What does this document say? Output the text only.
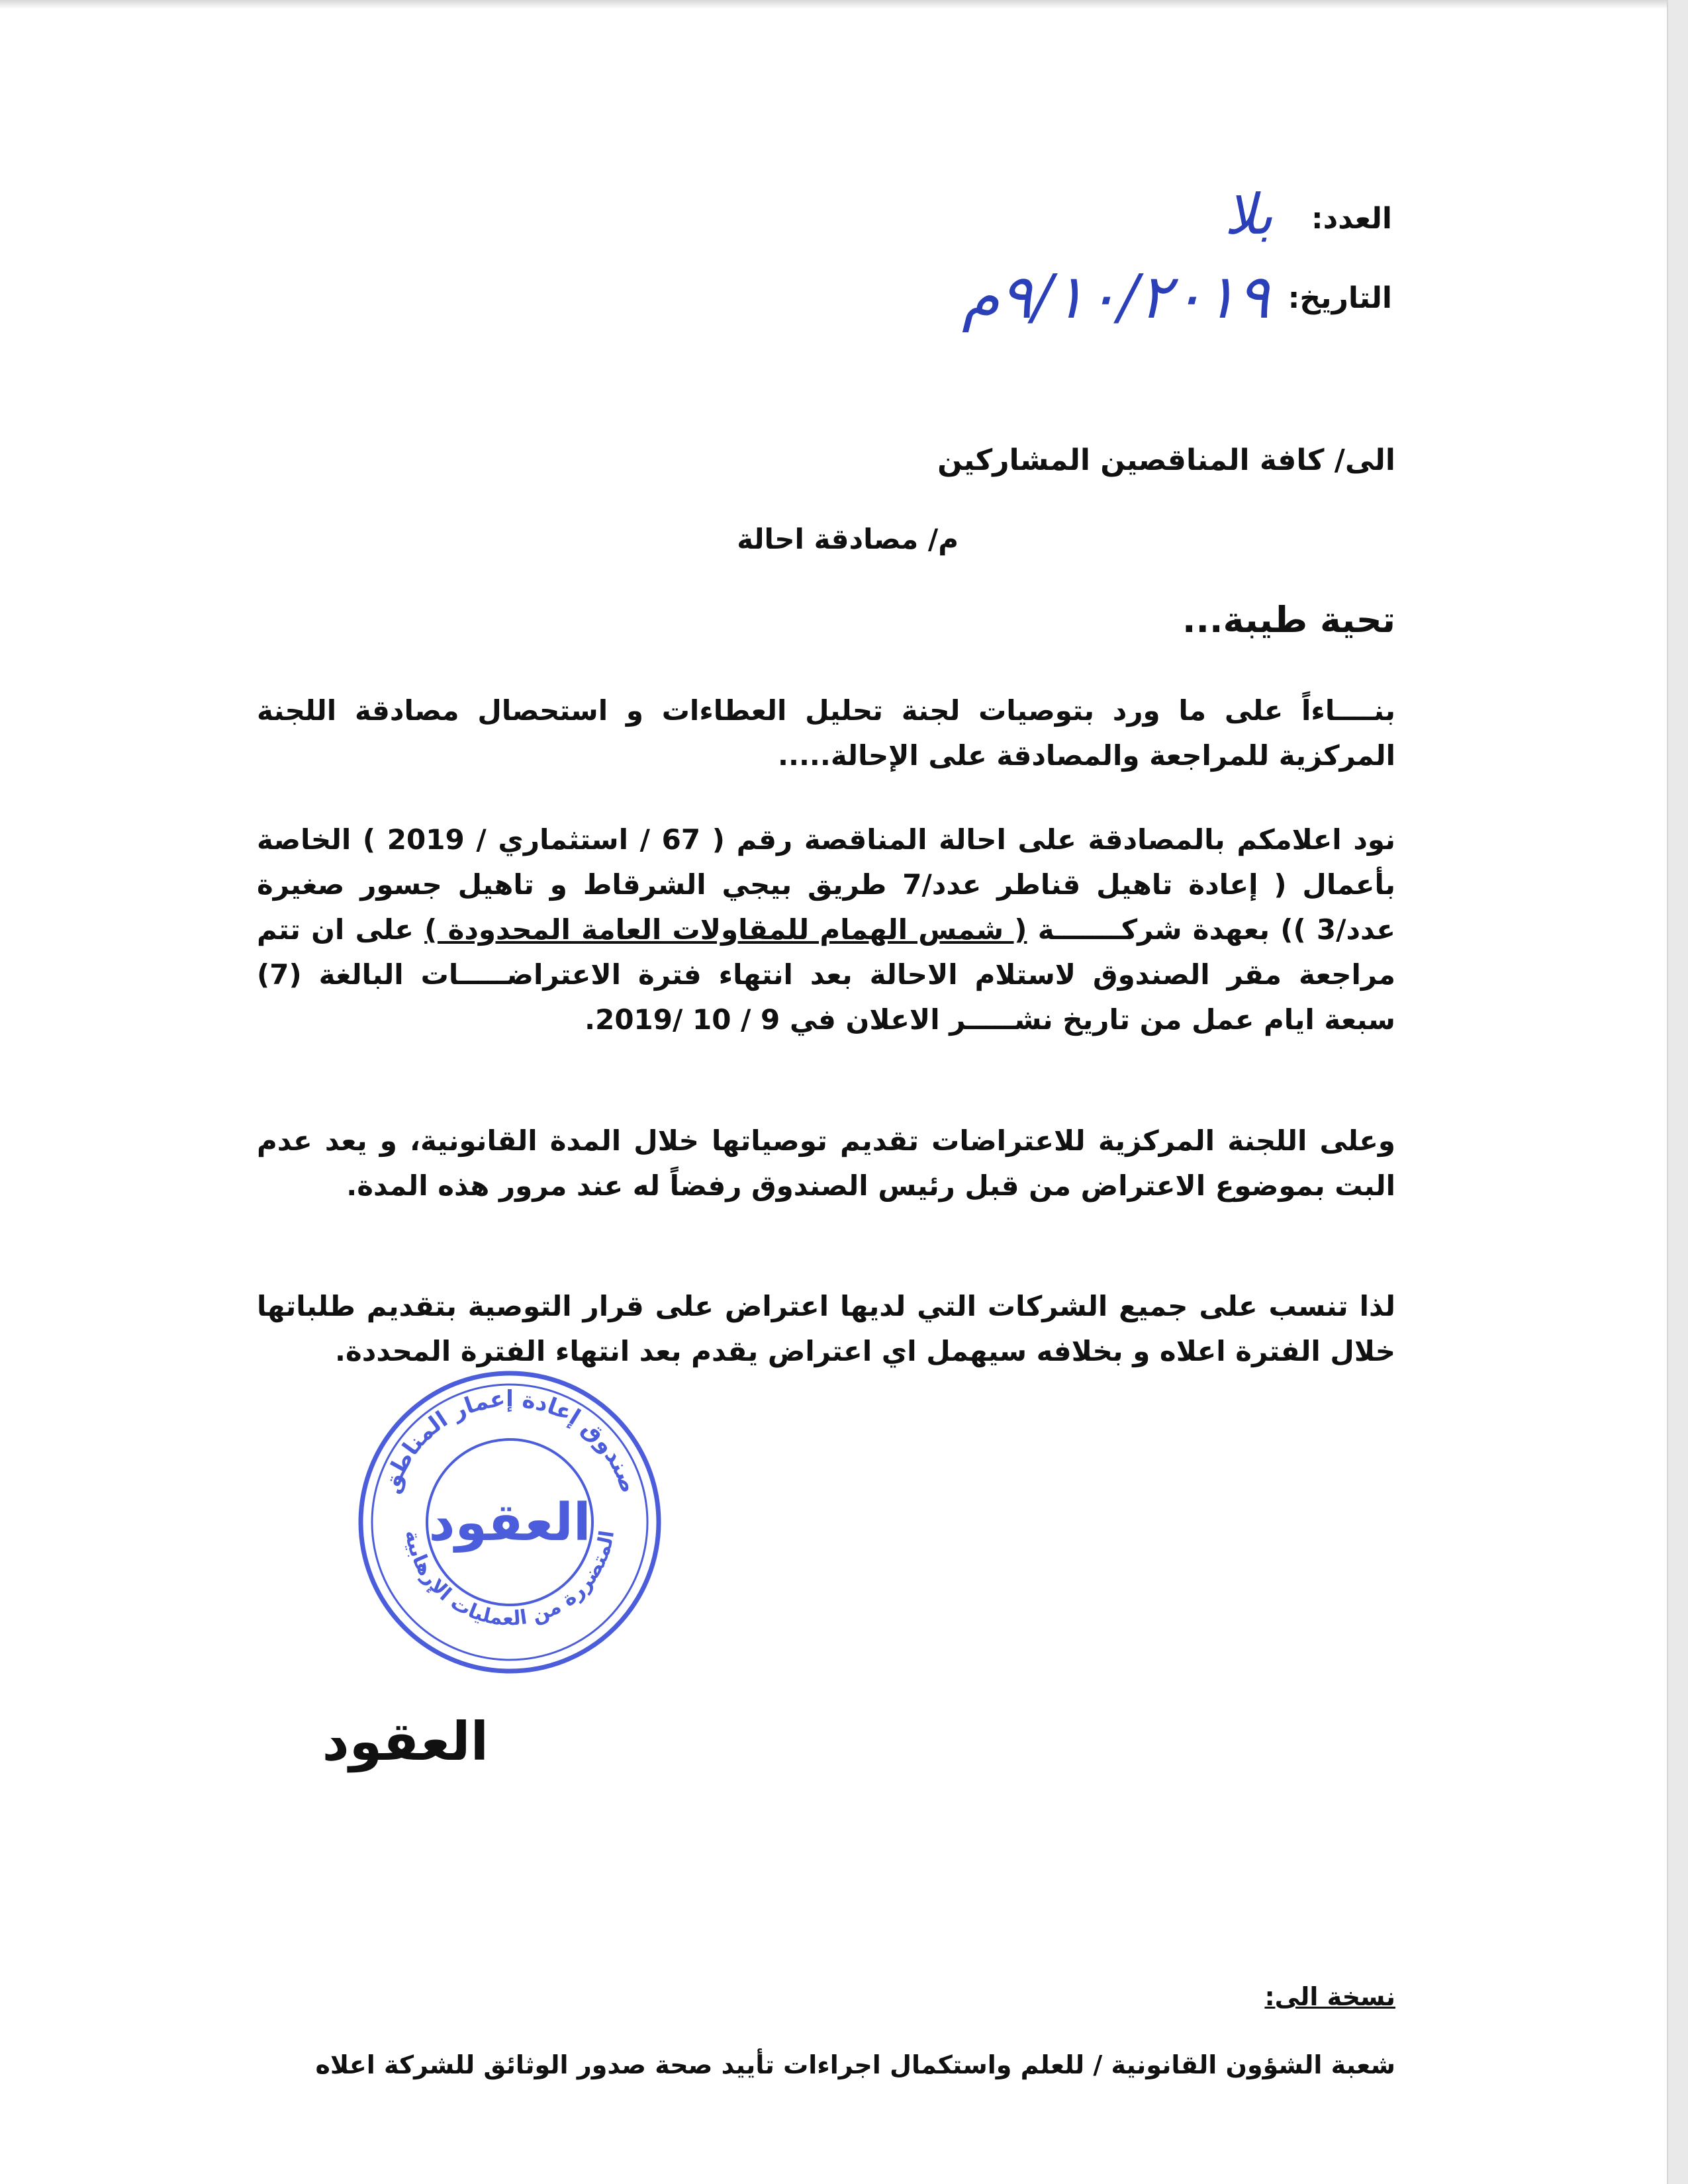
العدد:
بلا
التاريخ:
٩/١٠/٢٠١٩م
الى/ كافة المناقصين المشاركين
م/ مصادقة احالة
تحية طيبة...

بنــــاءاً على ما ورد بتوصيات لجنة تحليل العطاءات و استحصال مصادقة اللجنة المركزية للمراجعة والمصادقة على الإحالة.....

نود اعلامكم بالمصادقة على احالة المناقصة رقم ( 67 / استثماري / 2019 ) الخاصة بأعمال ( إعادة تاهيل قناطر عدد/7 طريق بيجي الشرقاط و تاهيل جسور صغيرة عدد/3 )) بعهدة شركـــــــة ( شمس الهمام للمقاولات العامة المحدودة ) على ان تتم مراجعة مقر الصندوق لاستلام الاحالة بعد انتهاء فترة الاعتراضـــــات البالغة (7) سبعة ايام عمل من تاريخ نشـــــر الاعلان في 9 / 10 /2019.

وعلى اللجنة المركزية للاعتراضات تقديم توصياتها خلال المدة القانونية، و يعد عدم البت بموضوع الاعتراض من قبل رئيس الصندوق رفضاً له عند مرور هذه المدة.

لذا تنسب على جميع الشركات التي لديها اعتراض على قرار التوصية بتقديم طلباتها خلال الفترة اعلاه و بخلافه سيهمل اي اعتراض يقدم بعد انتهاء الفترة المحددة.

صندوق إعادة إعمار المناطق
المتضررة من العمليات الإرهابية
العقود
العقود
نسخة الى:
شعبة الشؤون القانونية / للعلم واستكمال اجراءات تأييد صحة صدور الوثائق للشركة اعلاه
